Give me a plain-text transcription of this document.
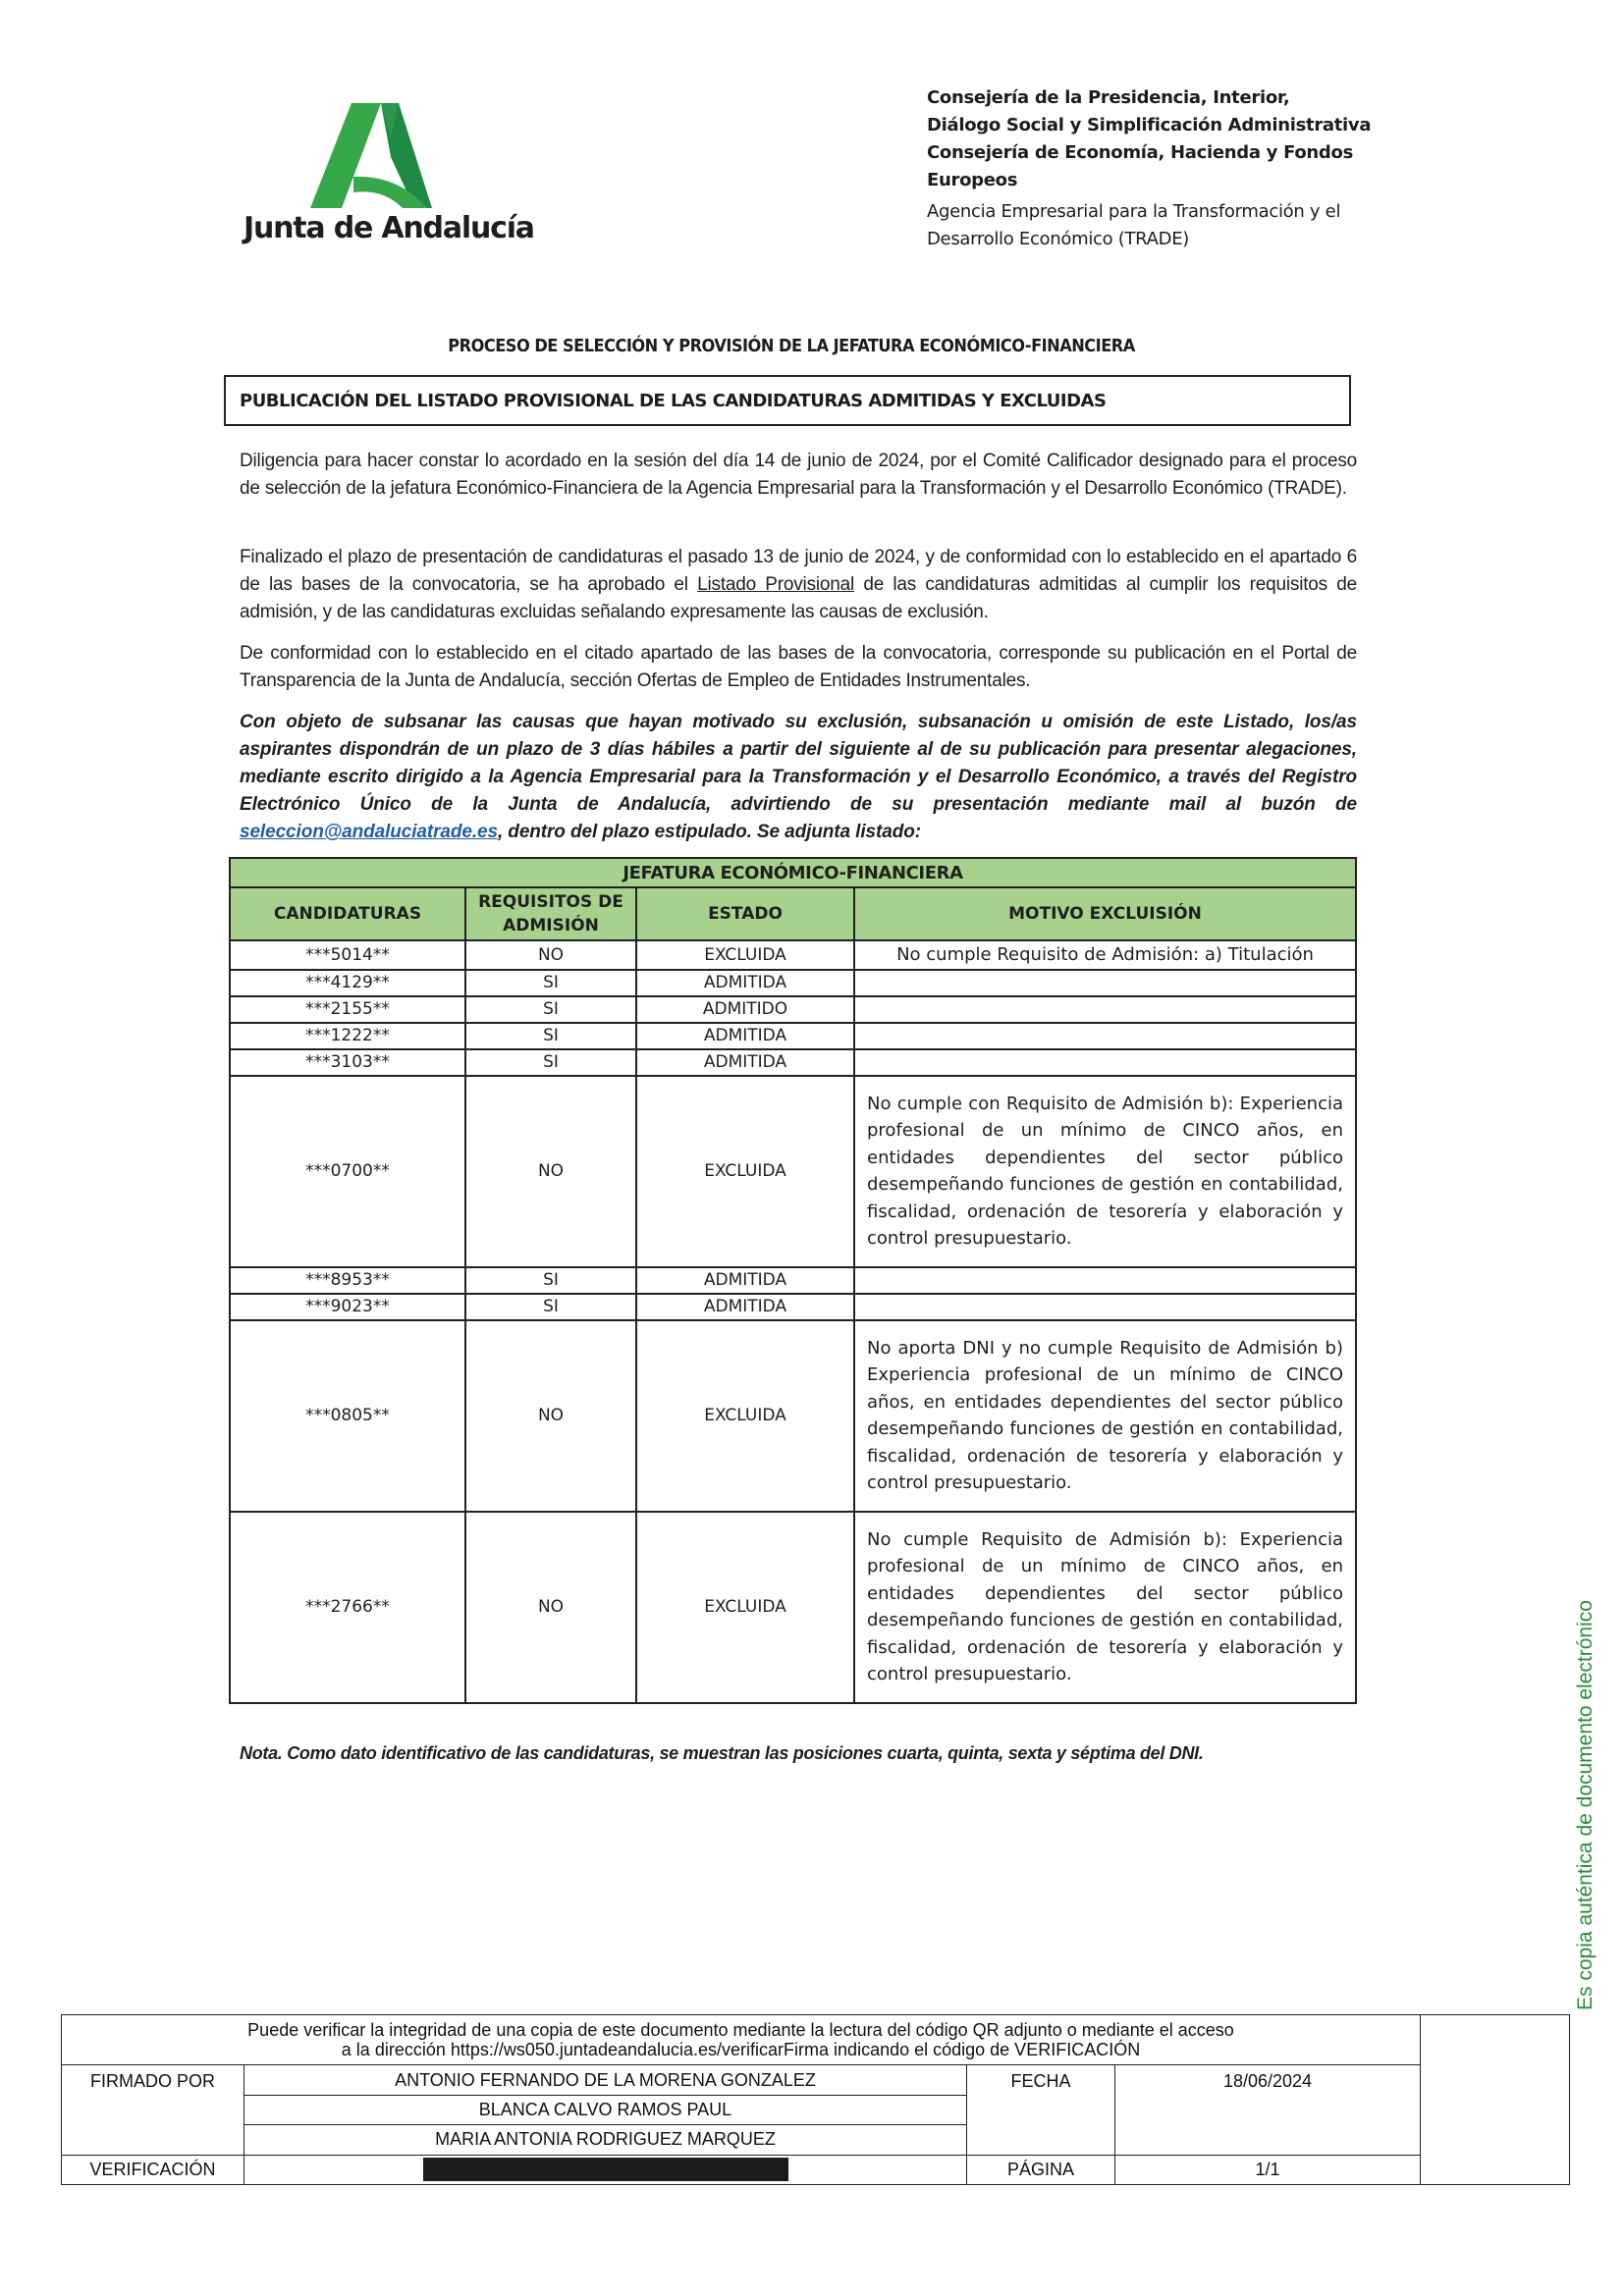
Junta de Andalucía
Consejería de la Presidencia, Interior,
Diálogo Social y Simplificación Administrativa
Consejería de Economía, Hacienda y Fondos
Europeos
Agencia Empresarial para la Transformación y el
Desarrollo Económico (TRADE)
PROCESO DE SELECCIÓN Y PROVISIÓN DE LA JEFATURA ECONÓMICO-FINANCIERA
PUBLICACIÓN DEL LISTADO PROVISIONAL DE LAS CANDIDATURAS ADMITIDAS Y EXCLUIDAS
Diligencia para hacer constar lo acordado en la sesión del día 14 de junio de 2024, por el Comité Calificador designado para el proceso de selección de la jefatura Económico-Financiera de la Agencia Empresarial para la Transformación y el Desarrollo Económico (TRADE).
Finalizado el plazo de presentación de candidaturas el pasado 13 de junio de 2024, y de conformidad con lo establecido en el apartado 6 de las bases de la convocatoria, se ha aprobado el Listado Provisional de las candidaturas admitidas al cumplir los requisitos de admisión, y de las candidaturas excluidas señalando expresamente las causas de exclusión.
De conformidad con lo establecido en el citado apartado de las bases de la convocatoria, corresponde su publicación en el Portal de Transparencia de la Junta de Andalucía, sección Ofertas de Empleo de Entidades Instrumentales.
Con objeto de subsanar las causas que hayan motivado su exclusión, subsanación u omisión de este Listado, los/as aspirantes dispondrán de un plazo de 3 días hábiles a partir del siguiente al de su publicación para presentar alegaciones, mediante escrito dirigido a la Agencia Empresarial para la Transformación y el Desarrollo Económico, a través del Registro Electrónico Único de la Junta de Andalucía, advirtiendo de su presentación mediante mail al buzón de seleccion@andaluciatrade.es, dentro del plazo estipulado. Se adjunta listado:
JEFATURA ECONÓMICO-FINANCIERA			
CANDIDATURAS	REQUISITOS DE ADMISIÓN	ESTADO	MOTIVO EXCLUISIÓN
***5014**	NO	EXCLUIDA	No cumple Requisito de Admisión: a) Titulación
***4129**	SI	ADMITIDA	
***2155**	SI	ADMITIDO	
***1222**	SI	ADMITIDA	
***3103**	SI	ADMITIDA	
***0700**	NO	EXCLUIDA	No cumple con Requisito de Admisión b): Experiencia profesional de un mínimo de CINCO años, en entidades dependientes del sector público desempeñando funciones de gestión en contabilidad, fiscalidad, ordenación de tesorería y elaboración y control presupuestario.
***8953**	SI	ADMITIDA	
***9023**	SI	ADMITIDA	
***0805**	NO	EXCLUIDA	No aporta DNI y no cumple Requisito de Admisión b) Experiencia profesional de un mínimo de CINCO años, en entidades dependientes del sector público desempeñando funciones de gestión en contabilidad, fiscalidad, ordenación de tesorería y elaboración y control presupuestario.
***2766**	NO	EXCLUIDA	No cumple Requisito de Admisión b): Experiencia profesional de un mínimo de CINCO años, en entidades dependientes del sector público desempeñando funciones de gestión en contabilidad, fiscalidad, ordenación de tesorería y elaboración y control presupuestario.
Nota. Como dato identificativo de las candidaturas, se muestran las posiciones cuarta, quinta, sexta y séptima del DNI.
Puede verificar la integridad de una copia de este documento mediante la lectura del código QR adjunto o mediante el acceso
a la dirección https://ws050.juntadeandalucia.es/verificarFirma indicando el código de VERIFICACIÓN			

FIRMADO POR	ANTONIO FERNANDO DE LA MORENA GONZALEZ	FECHA	18/06/2024
	BLANCA CALVO RAMOS PAUL		
	MARIA ANTONIA RODRIGUEZ MARQUEZ		
VERIFICACIÓN		PÁGINA	1/1
Es copia auténtica de documento electrónico
